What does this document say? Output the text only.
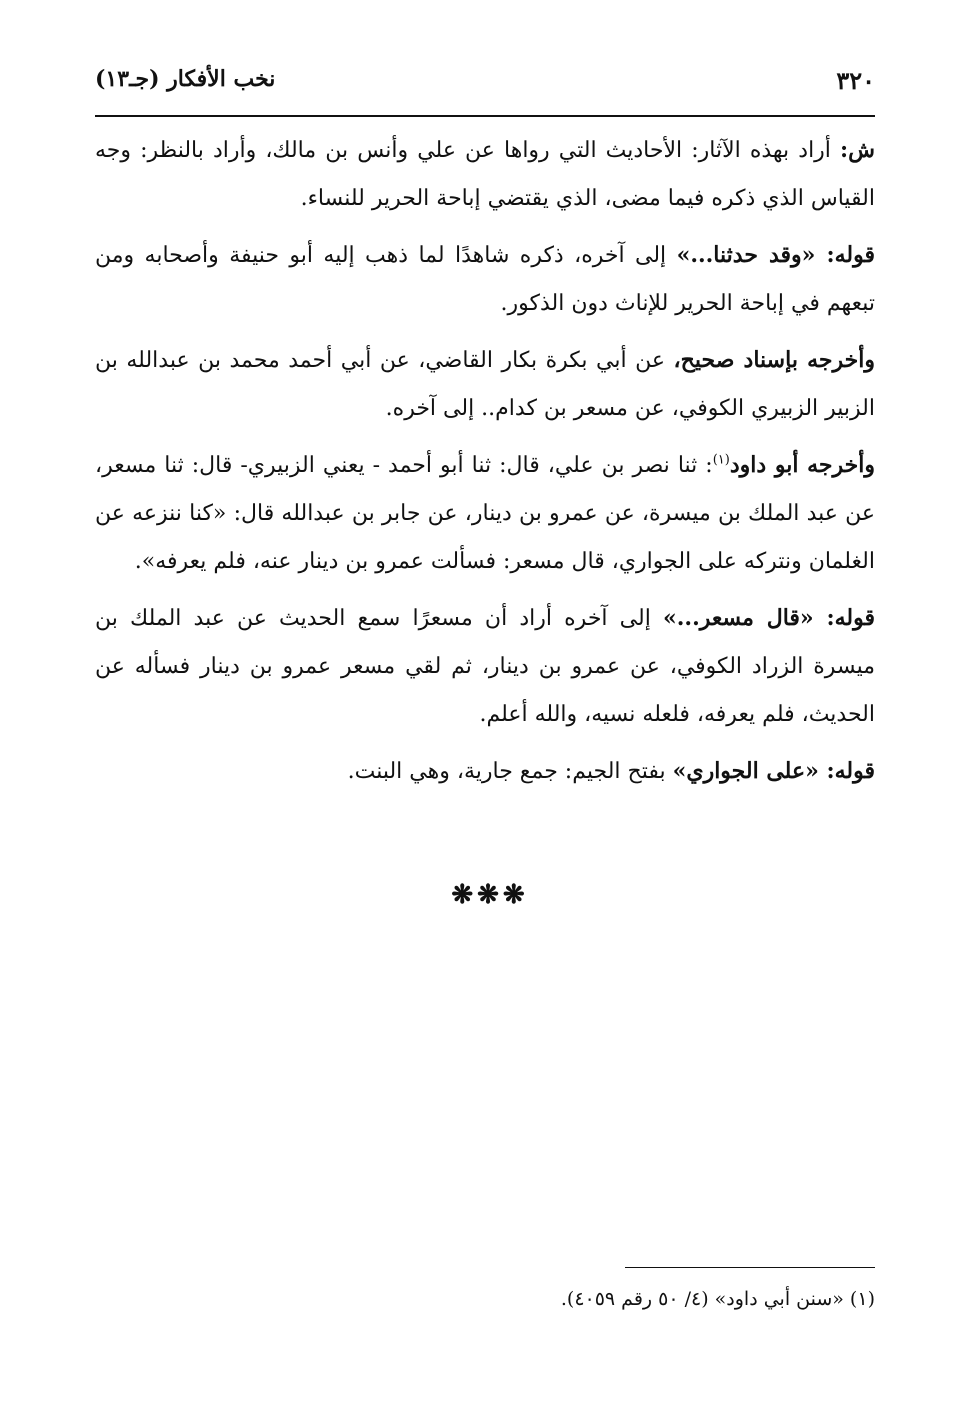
٣٢٠
نخب الأفكار (جـ١٣)

ش: أراد بهذه الآثار: الأحاديث التي رواها عن علي وأنس بن مالك، وأراد بالنظر: وجه القياس الذي ذكره فيما مضى، الذي يقتضي إباحة الحرير للنساء.

قوله: «وقد حدثنا...» إلى آخره، ذكره شاهدًا لما ذهب إليه أبو حنيفة وأصحابه ومن تبعهم في إباحة الحرير للإناث دون الذكور.

وأخرجه بإسناد صحيح، عن أبي بكرة بكار القاضي، عن أبي أحمد محمد بن عبدالله بن الزبير الزبيري الكوفي، عن مسعر بن كدام.. إلى آخره.

وأخرجه أبو داود$^{(١)}$: ثنا نصر بن علي، قال: ثنا أبو أحمد - يعني الزبيري- قال: ثنا مسعر، عن عبد الملك بن ميسرة، عن عمرو بن دينار، عن جابر بن عبدالله قال: «كنا ننزعه عن الغلمان ونتركه على الجواري، قال مسعر: فسألت عمرو بن دينار عنه، فلم يعرفه».

قوله: «قال مسعر...» إلى آخره أراد أن مسعرًا سمع الحديث عن عبد الملك بن ميسرة الزراد الكوفي، عن عمرو بن دينار، ثم لقي مسعر عمرو بن دينار فسأله عن الحديث، فلم يعرفه، فلعله نسيه، والله أعلم.

قوله: «على الجواري» بفتح الجيم: جمع جارية، وهي البنت.

❋❋❋
(١) «سنن أبي داود» (٤/ ٥٠ رقم ٤٠٥٩).
